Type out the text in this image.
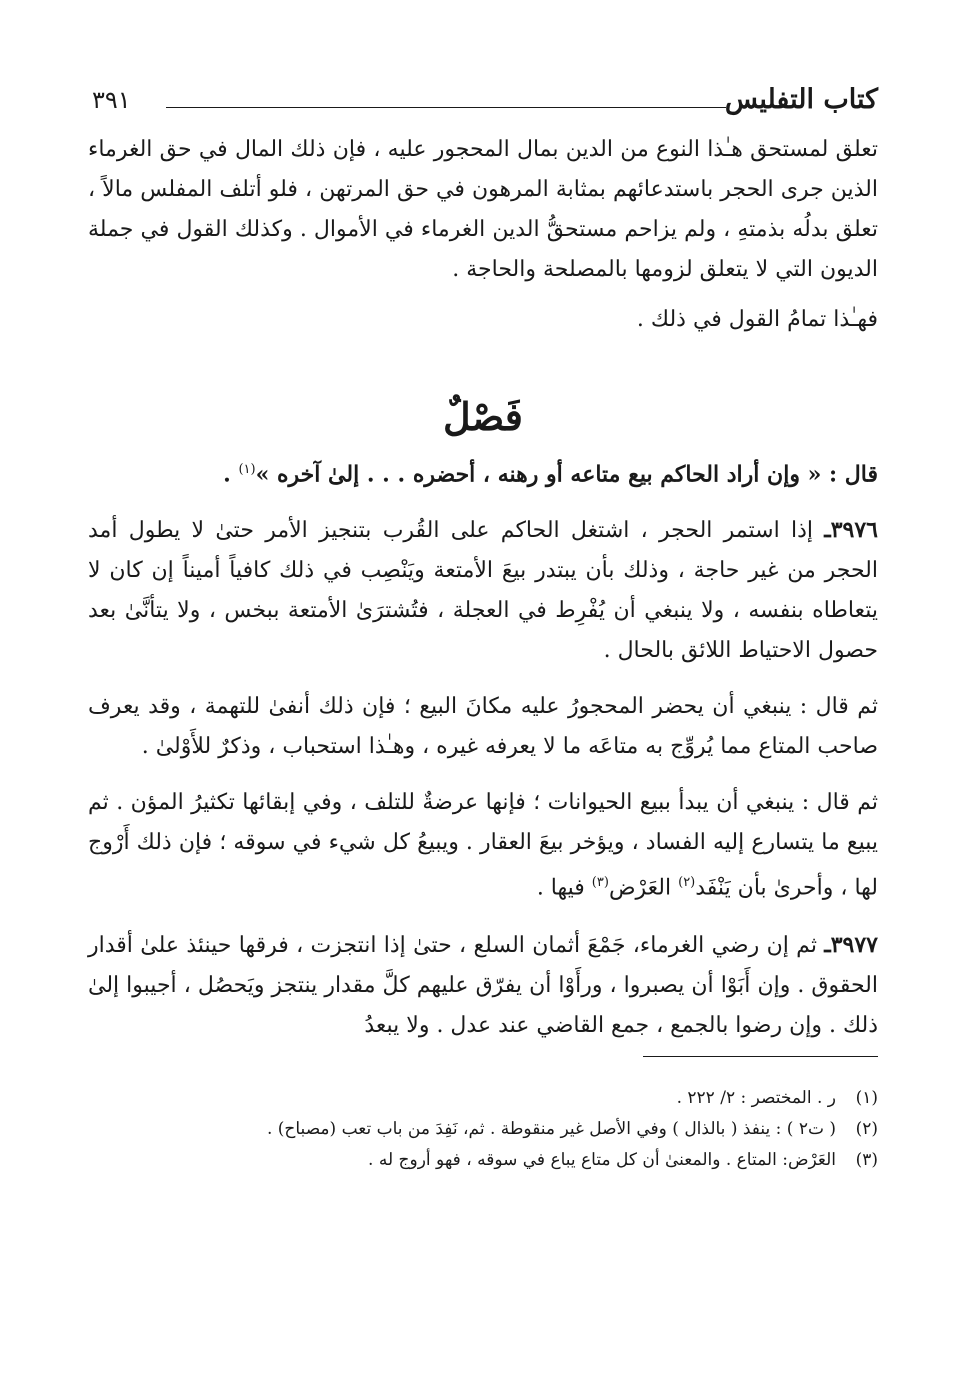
كتاب التفليس
٣٩١

تعلق لمستحق هـٰذا النوع من الدين بمال المحجور عليه ، فإن ذلك المال في حق الغرماء الذين جرى الحجر باستدعائهم بمثابة المرهون في حق المرتهن ، فلو أتلف المفلس مالاً ، تعلق بدلُه بذمتهِ ، ولم يزاحم مستحقُّ الدين الغرماء في الأموال . وكذلك القول في جملة الديون التي لا يتعلق لزومها بالمصلحة والحاجة .

فهـٰذا تمامُ القول في ذلك .

فَصْلٌ

قال : « وإن أراد الحاكم بيع متاعه أو رهنه ، أحضره . . . إلىٰ آخره »$^{(١)}$ .

٣٩٧٦ـ إذا استمر الحجر ، اشتغل الحاكم على القُرب بتنجيز الأمر حتىٰ لا يطول أمد الحجر من غير حاجة ، وذلك بأن يبتدر بيعَ الأمتعة ويَنْصِب في ذلك كافياً أميناً إن كان لا يتعاطاه بنفسه ، ولا ينبغي أن يُفْرِط في العجلة ، فتُشترَىٰ الأمتعة ببخس ، ولا يتأنَّىٰ بعد حصول الاحتياط اللائق بالحال .

ثم قال : ينبغي أن يحضر المحجورُ عليه مكانَ البيع ؛ فإن ذلك أنفىٰ للتهمة ، وقد يعرف صاحب المتاع مما يُروِّج به متاعَه ما لا يعرفه غيره ، وهـٰذا استحباب ، وذكرٌ للأَوْلىٰ .

ثم قال : ينبغي أن يبدأ ببيع الحيوانات ؛ فإنها عرضةٌ للتلف ، وفي إبقائها تكثيرُ المؤن . ثم يبيع ما يتسارع إليه الفساد ، ويؤخر بيعَ العقار . ويبيعُ كل شيء في سوقه ؛ فإن ذلك أَرْوج لها ، وأحرىٰ بأن يَنْفَد$^{(٢)}$ العَرْض$^{(٣)}$ فيها .

٣٩٧٧ـ ثم إن رضي الغرماء، جَمْعَ أثمان السلع ، حتىٰ إذا انتجزت ، فرقها حينئذ علىٰ أقدار الحقوق . وإن أَبَوْا أن يصبروا ، ورأَوْا أن يفرّق عليهم كلَّ مقدار ينتجز ويَحصُل ، أجيبوا إلىٰ ذلك . وإن رضوا بالجمع ، جمع القاضي عند عدل . ولا يبعدُ

(١)
ر . المختصر : ٢/ ٢٢٢ .
(٢)
( ت٢ ) : ينفذ ( بالذال ) وفي الأصل غير منقوطة . ثم، نَفِدَ من باب تعب (مصباح) .
(٣)
العَرْض: المتاع . والمعنىٰ أن كل متاع يباع في سوقه ، فهو أروج له .
